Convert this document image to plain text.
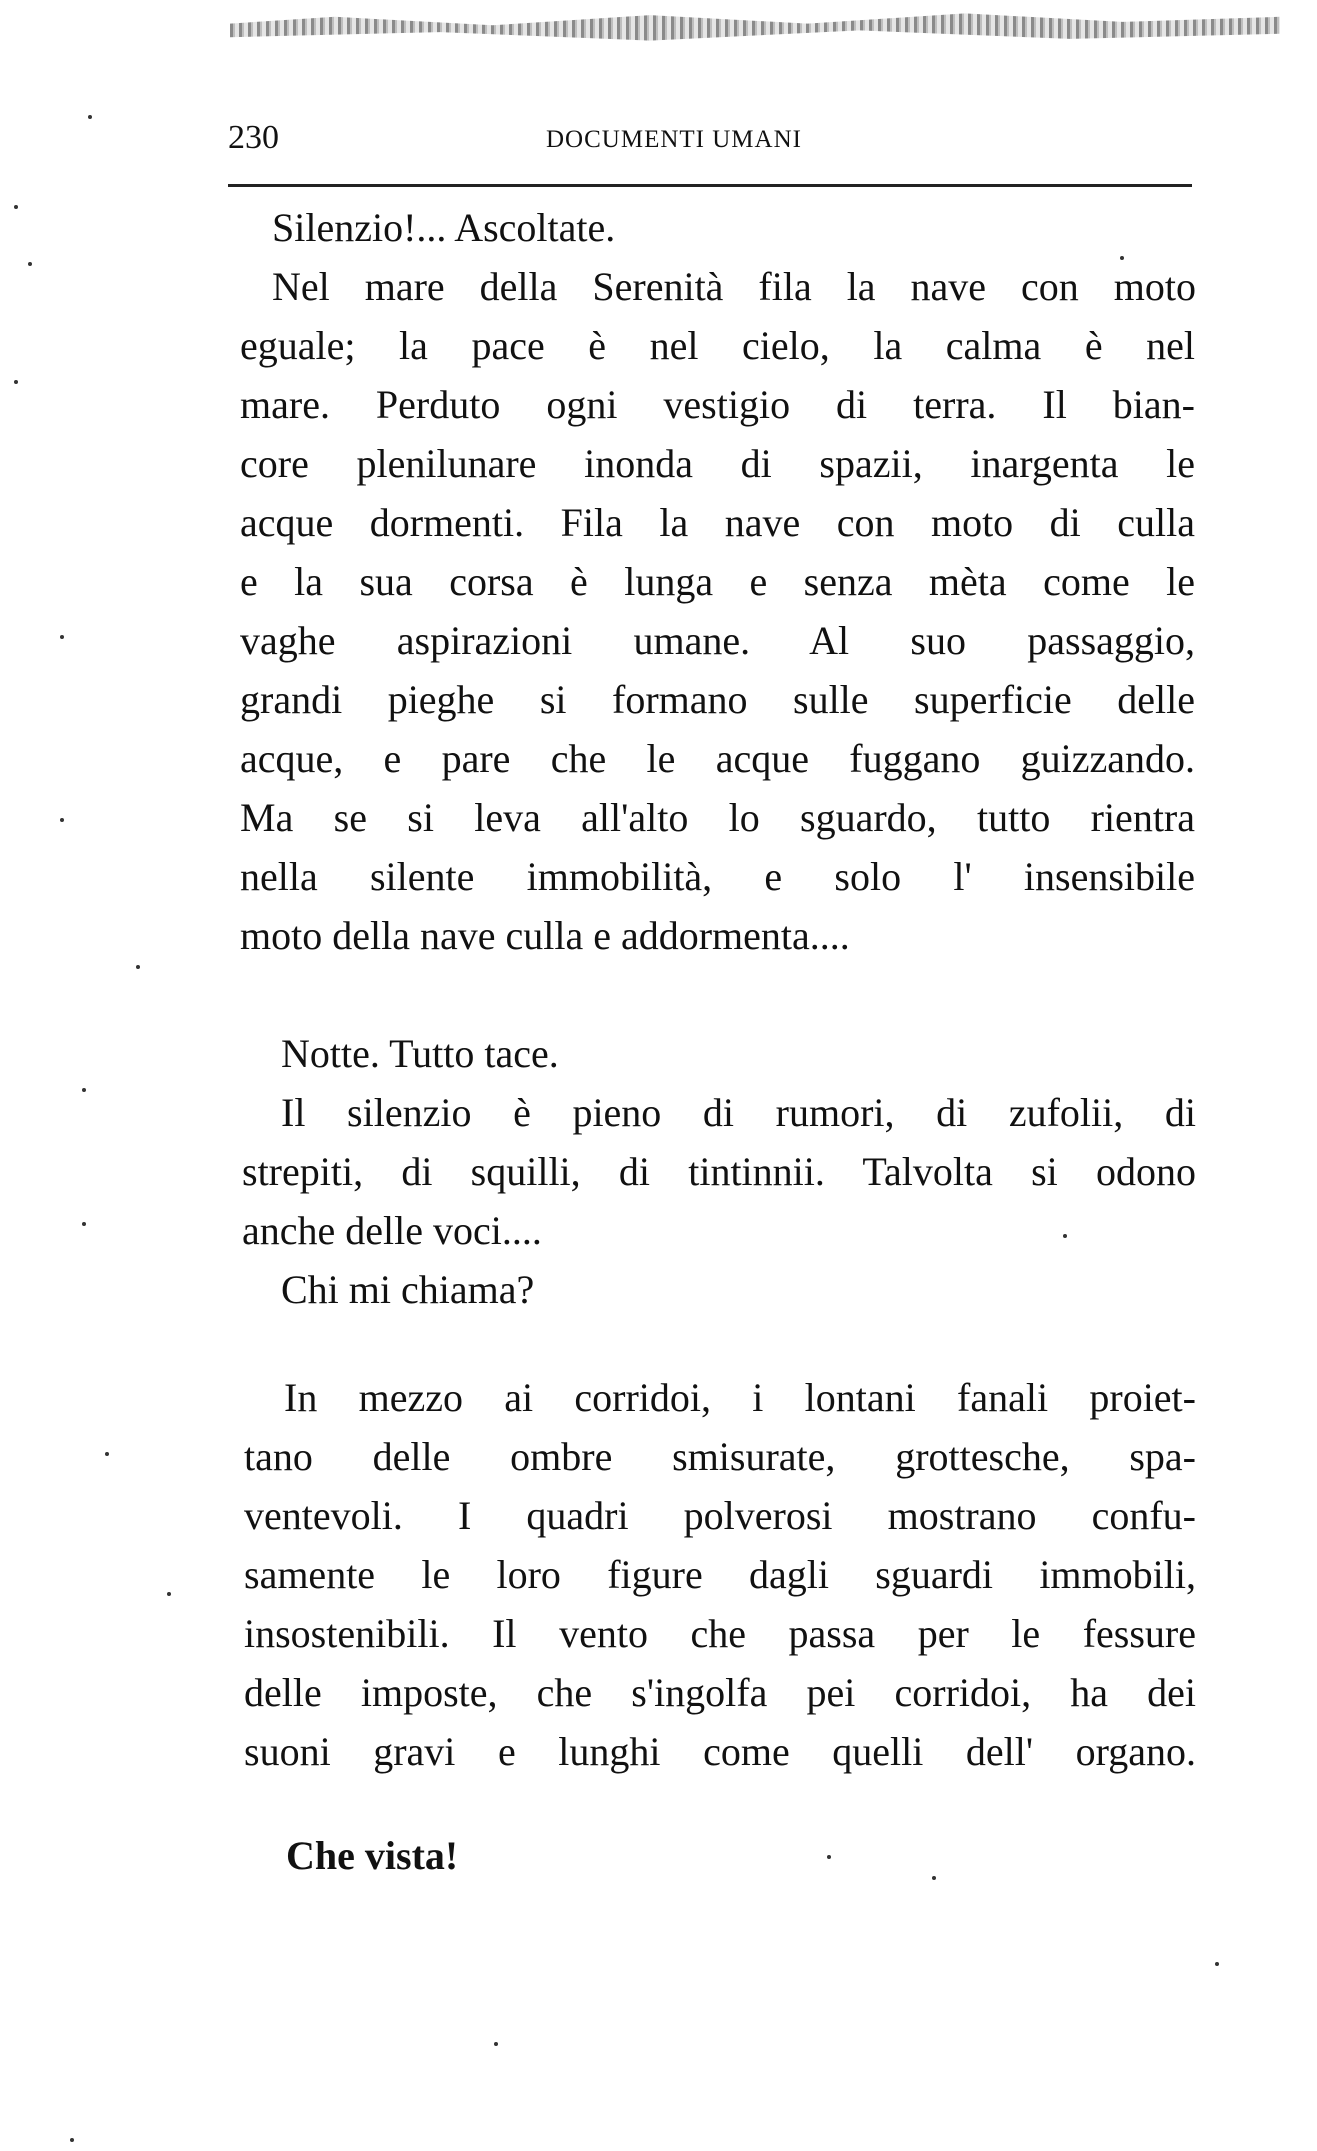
230	DOCUMENTI UMANI
Silenzio!... Ascoltate.
Nel mare della Serenità fila la nave con moto
eguale; la pace è nel cielo, la calma è nel
mare. Perduto ogni vestigio di terra. Il bian-
core plenilunare inonda di spazii, inargenta le
acque dormenti. Fila la nave con moto di culla
e la sua corsa è lunga e senza mèta come le
vaghe aspirazioni umane. Al suo passaggio,
grandi pieghe si formano sulle superficie delle
acque, e pare che le acque fuggano guizzando.
Ma se si leva all'alto lo sguardo, tutto rientra
nella silente immobilità, e solo l' insensibile
moto della nave culla e addormenta....
Notte. Tutto tace.
Il silenzio è pieno di rumori, di zufolii, di
strepiti, di squilli, di tintinnii. Talvolta si odono
anche delle voci....
Chi mi chiama?
In mezzo ai corridoi, i lontani fanali proiet-
tano delle ombre smisurate, grottesche, spa-
ventevoli. I quadri polverosi mostrano confu-
samente le loro figure dagli sguardi immobili,
insostenibili. Il vento che passa per le fessure
delle imposte, che s'ingolfa pei corridoi, ha dei
suoni gravi e lunghi come quelli dell' organo.
Che vista!
